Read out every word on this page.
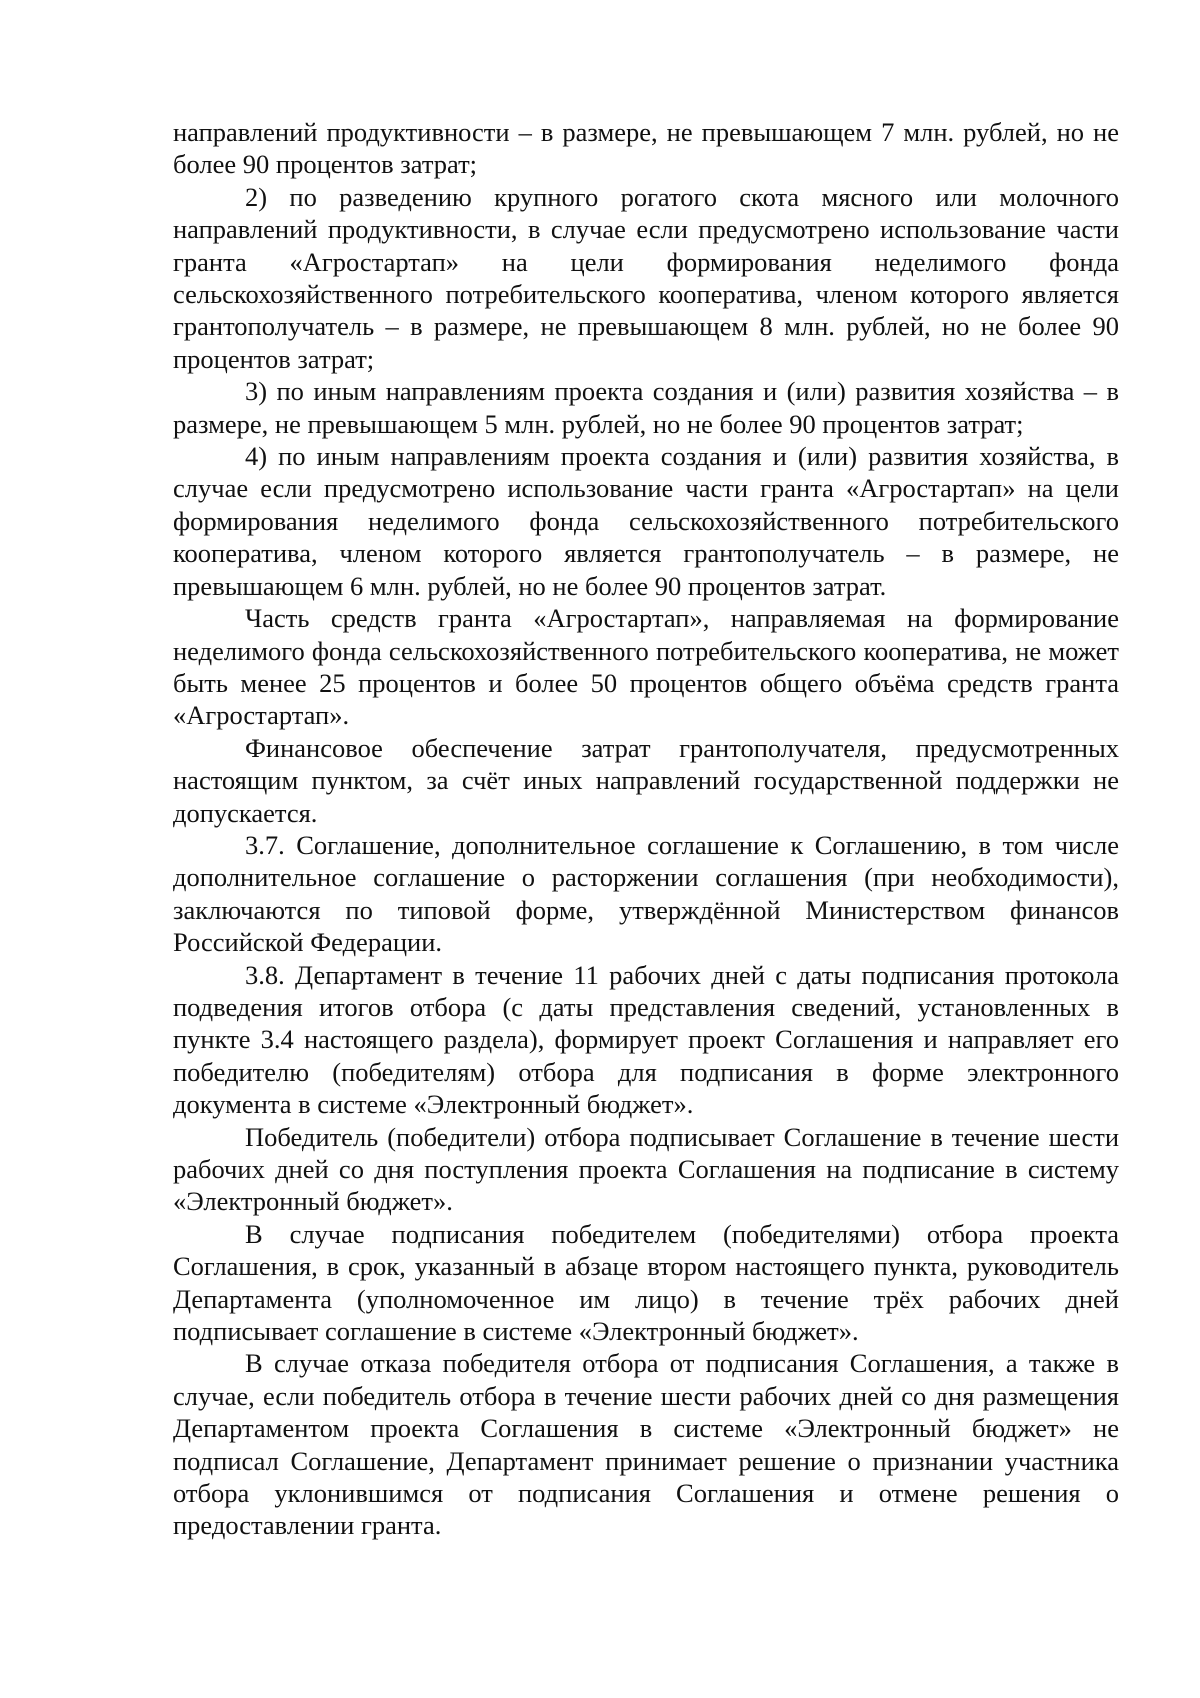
направлений продуктивности – в размере, не превышающем 7 млн. рублей, но не более 90 процентов затрат;

2) по разведению крупного рогатого скота мясного или молочного направлений продуктивности, в случае если предусмотрено использование части гранта «Агростартап» на цели формирования неделимого фонда сельскохозяйственного потребительского кооператива, членом которого является грантополучатель – в размере, не превышающем 8 млн. рублей, но не более 90 процентов затрат;

3) по иным направлениям проекта создания и (или) развития хозяйства – в размере, не превышающем 5 млн. рублей, но не более 90 процентов затрат;

4) по иным направлениям проекта создания и (или) развития хозяйства, в случае если предусмотрено использование части гранта «Агростартап» на цели формирования неделимого фонда сельскохозяйственного потребительского кооператива, членом которого является грантополучатель – в размере, не превышающем 6 млн. рублей, но не более 90 процентов затрат.

Часть средств гранта «Агростартап», направляемая на формирование неделимого фонда сельскохозяйственного потребительского кооператива, не может быть менее 25 процентов и более 50 процентов общего объёма средств гранта «Агростартап».

Финансовое обеспечение затрат грантополучателя, предусмотренных настоящим пунктом, за счёт иных направлений государственной поддержки не допускается.

3.7. Соглашение, дополнительное соглашение к Соглашению, в том числе дополнительное соглашение о расторжении соглашения (при необходимости), заключаются по типовой форме, утверждённой Министерством финансов Российской Федерации.

3.8. Департамент в течение 11 рабочих дней с даты подписания протокола подведения итогов отбора (с даты представления сведений, установленных в пункте 3.4 настоящего раздела), формирует проект Соглашения и направляет его победителю (победителям) отбора для подписания в форме электронного документа в системе «Электронный бюджет».

Победитель (победители) отбора подписывает Соглашение в течение шести рабочих дней со дня поступления проекта Соглашения на подписание в систему «Электронный бюджет».

В случае подписания победителем (победителями) отбора проекта Соглашения, в срок, указанный в абзаце втором настоящего пункта, руководитель Департамента (уполномоченное им лицо) в течение трёх рабочих дней подписывает соглашение в системе «Электронный бюджет».

В случае отказа победителя отбора от подписания Соглашения, а также в случае, если победитель отбора в течение шести рабочих дней со дня размещения Департаментом проекта Соглашения в системе «Электронный бюджет» не подписал Соглашение, Департамент принимает решение о признании участника отбора уклонившимся от подписания Соглашения и отмене решения о предоставлении гранта.
